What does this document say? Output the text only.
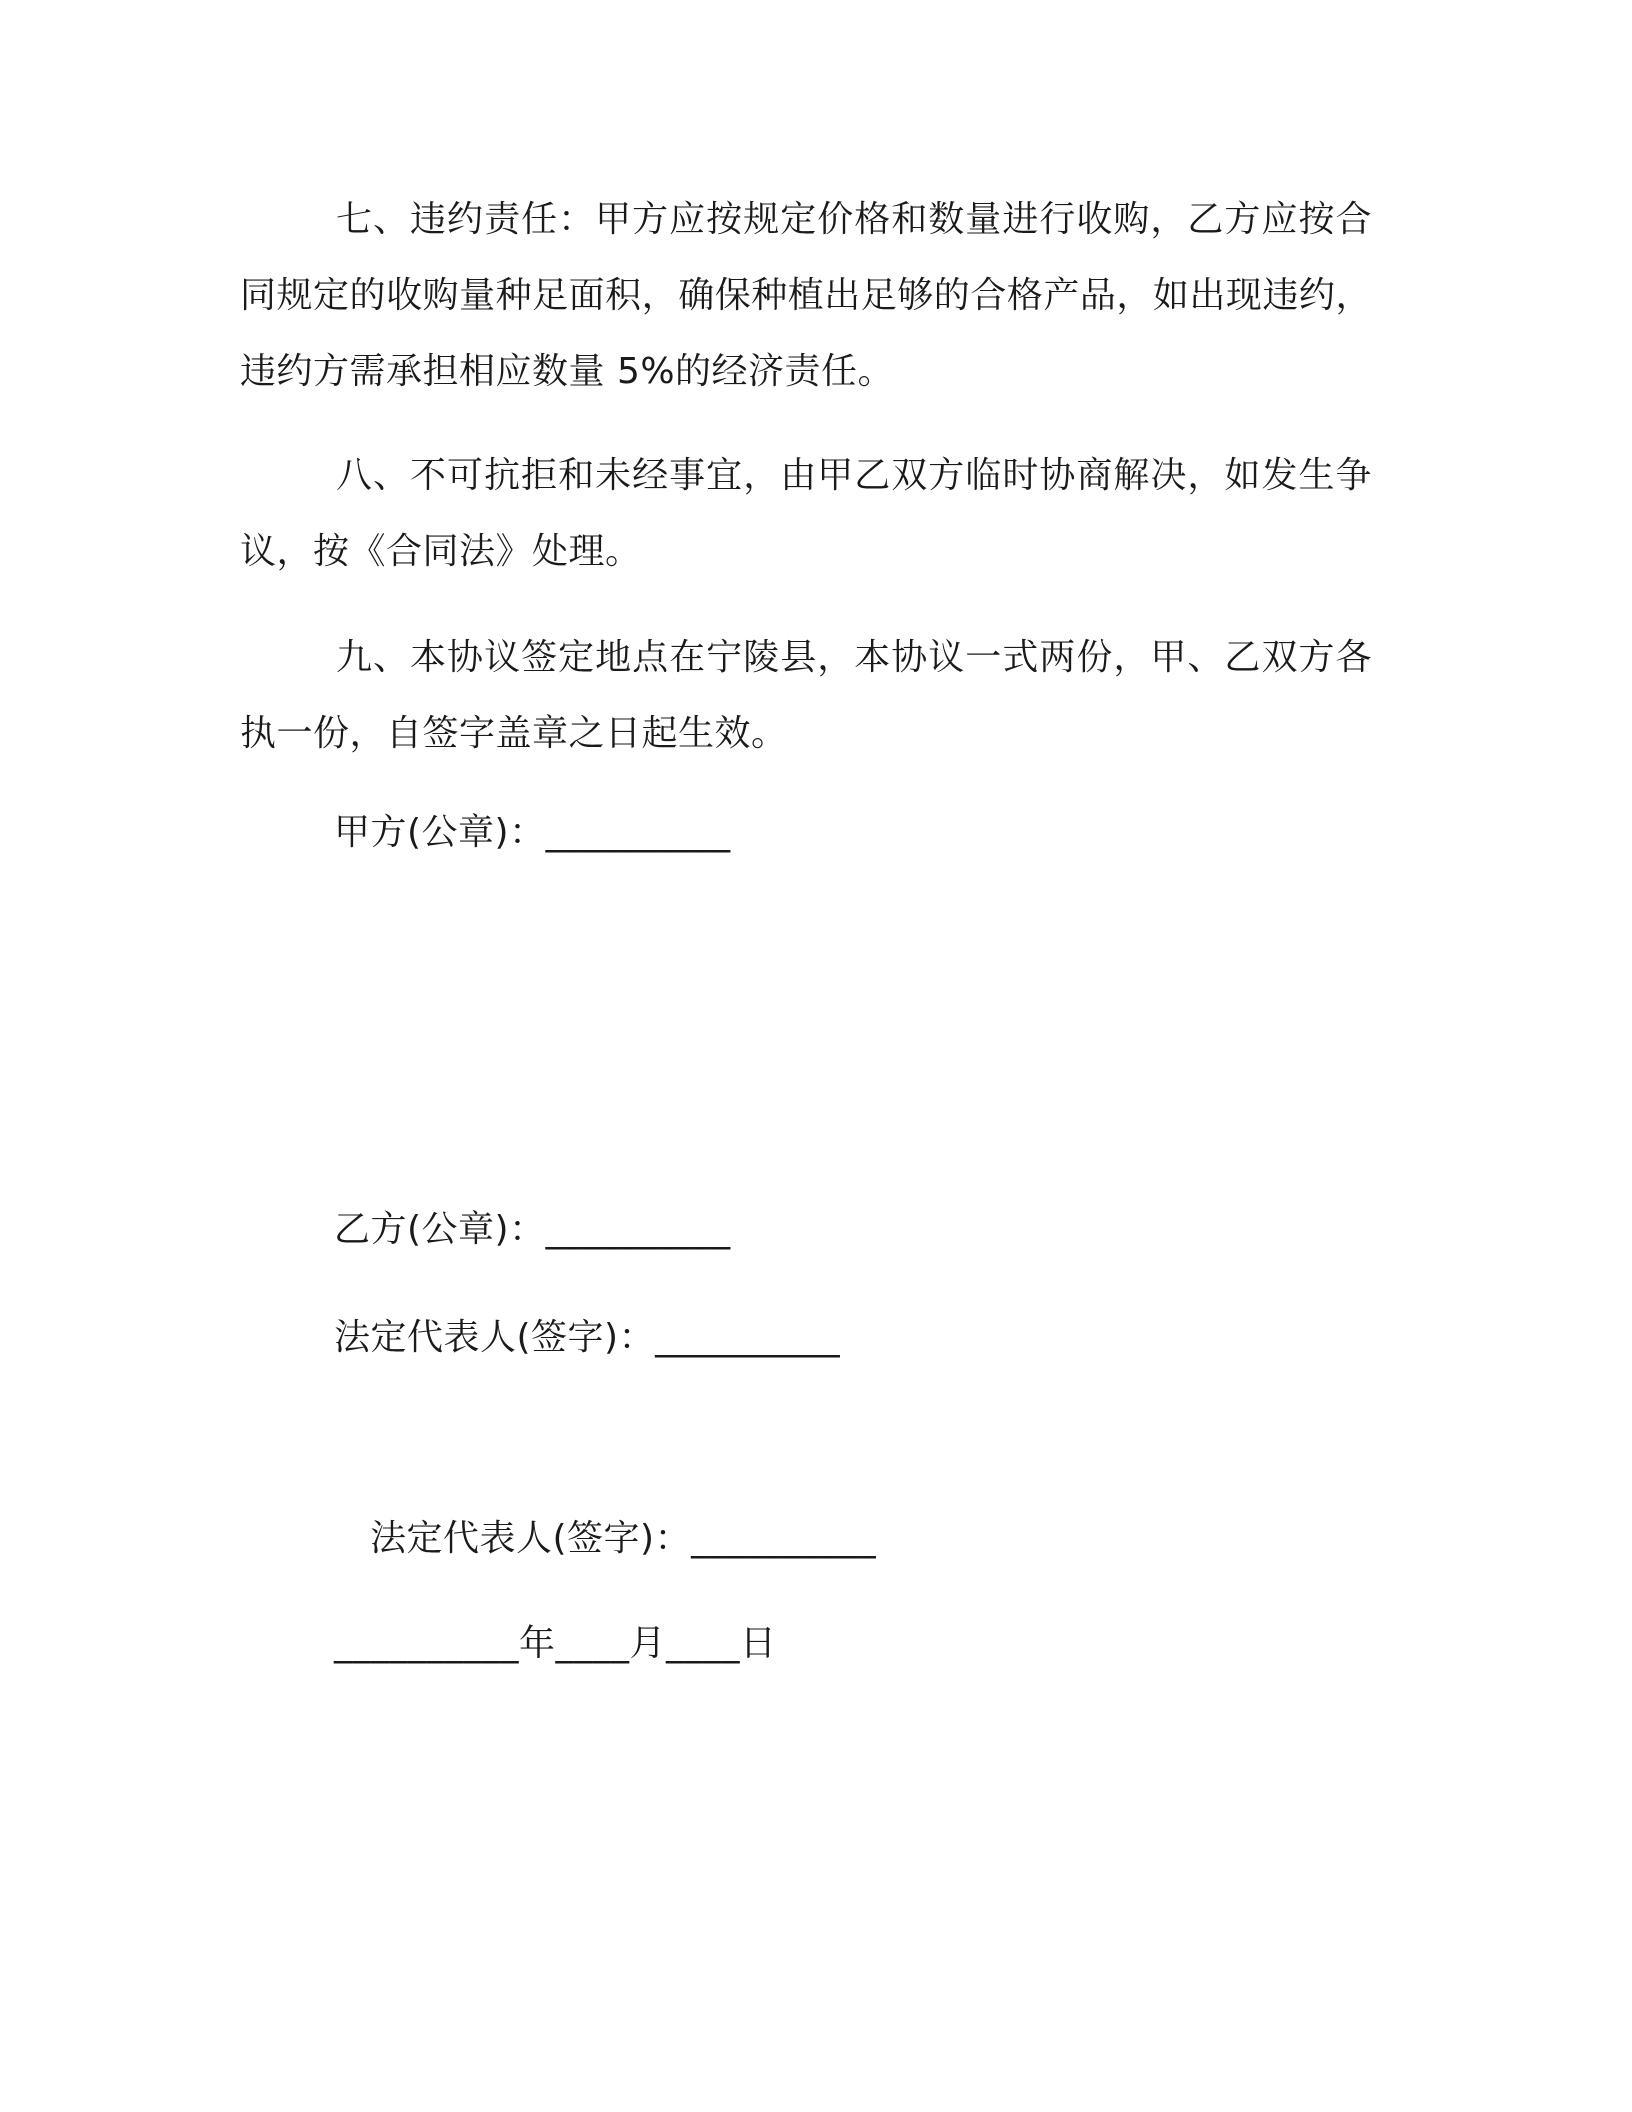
七、违约责任：甲方应按规定价格和数量进行收购，乙方应按合同规定的收购量种足面积，确保种植出足够的合格产品，如出现违约，违约方需承担相应数量 5%的经济责任。

八、不可抗拒和未经事宜，由甲乙双方临时协商解决，如发生争议，按《合同法》处理。

九、本协议签定地点在宁陵县，本协议一式两份，甲、乙双方各执一份，自签字盖章之日起生效。

甲方(公章)：__________

乙方(公章)：__________

法定代表人(签字)：__________

法定代表人(签字)：__________

__________年____月____日
